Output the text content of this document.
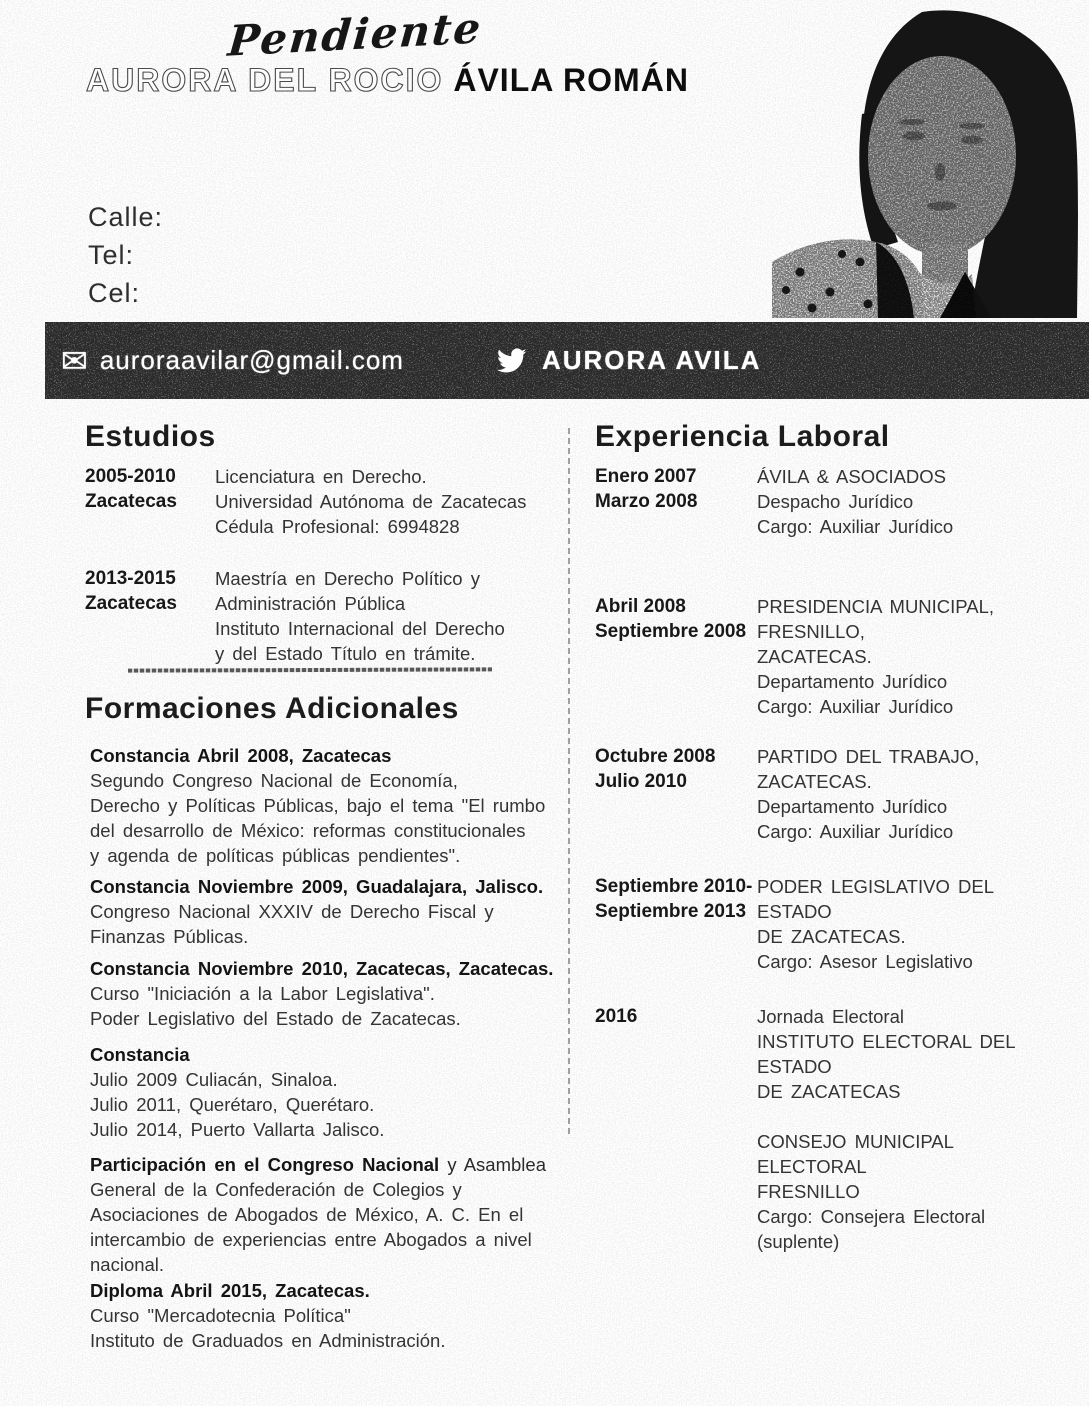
Pendiente
AURORA DEL ROCIO ÁVILA ROMÁN
Calle:
Tel:
Cel:
✉ auroraavilar@gmail.com	AURORA AVILA
Estudios
2005-2010
Zacatecas
Licenciatura en Derecho.
Universidad Autónoma de Zacatecas
Cédula Profesional: 6994828
2013-2015
Zacatecas
Maestría en Derecho Político y
Administración Pública
Instituto Internacional del Derecho
y del Estado Título en trámite.
Formaciones Adicionales
Constancia Abril 2008, Zacatecas
Segundo Congreso Nacional de Economía,
Derecho y Políticas Públicas, bajo el tema "El rumbo
del desarrollo de México: reformas constitucionales
y agenda de políticas públicas pendientes".
Constancia Noviembre 2009, Guadalajara, Jalisco.
Congreso Nacional XXXIV de Derecho Fiscal y
Finanzas Públicas.
Constancia Noviembre 2010, Zacatecas, Zacatecas.
Curso "Iniciación a la Labor Legislativa".
Poder Legislativo del Estado de Zacatecas.
Constancia
Julio 2009 Culiacán, Sinaloa.
Julio 2011, Querétaro, Querétaro.
Julio 2014, Puerto Vallarta Jalisco.
Participación en el Congreso Nacional y Asamblea
General de la Confederación de Colegios y
Asociaciones de Abogados de México, A. C. En el
intercambio de experiencias entre Abogados a nivel
nacional.
Diploma Abril 2015, Zacatecas.
Curso "Mercadotecnia Política"
Instituto de Graduados en Administración.
Experiencia Laboral
Enero 2007
Marzo 2008
ÁVILA & ASOCIADOS
Despacho Jurídico
Cargo: Auxiliar Jurídico
Abril 2008
Septiembre 2008
PRESIDENCIA MUNICIPAL, FRESNILLO,
ZACATECAS.
Departamento Jurídico
Cargo: Auxiliar Jurídico
Octubre 2008
Julio 2010
PARTIDO DEL TRABAJO, ZACATECAS.
Departamento Jurídico
Cargo: Auxiliar Jurídico
Septiembre 2010-
Septiembre 2013
PODER LEGISLATIVO DEL ESTADO
DE ZACATECAS.
Cargo: Asesor Legislativo
2016	Jornada Electoral
INSTITUTO ELECTORAL DEL ESTADO
DE ZACATECAS
CONSEJO MUNICIPAL ELECTORAL
FRESNILLO
Cargo: Consejera Electoral (suplente)
